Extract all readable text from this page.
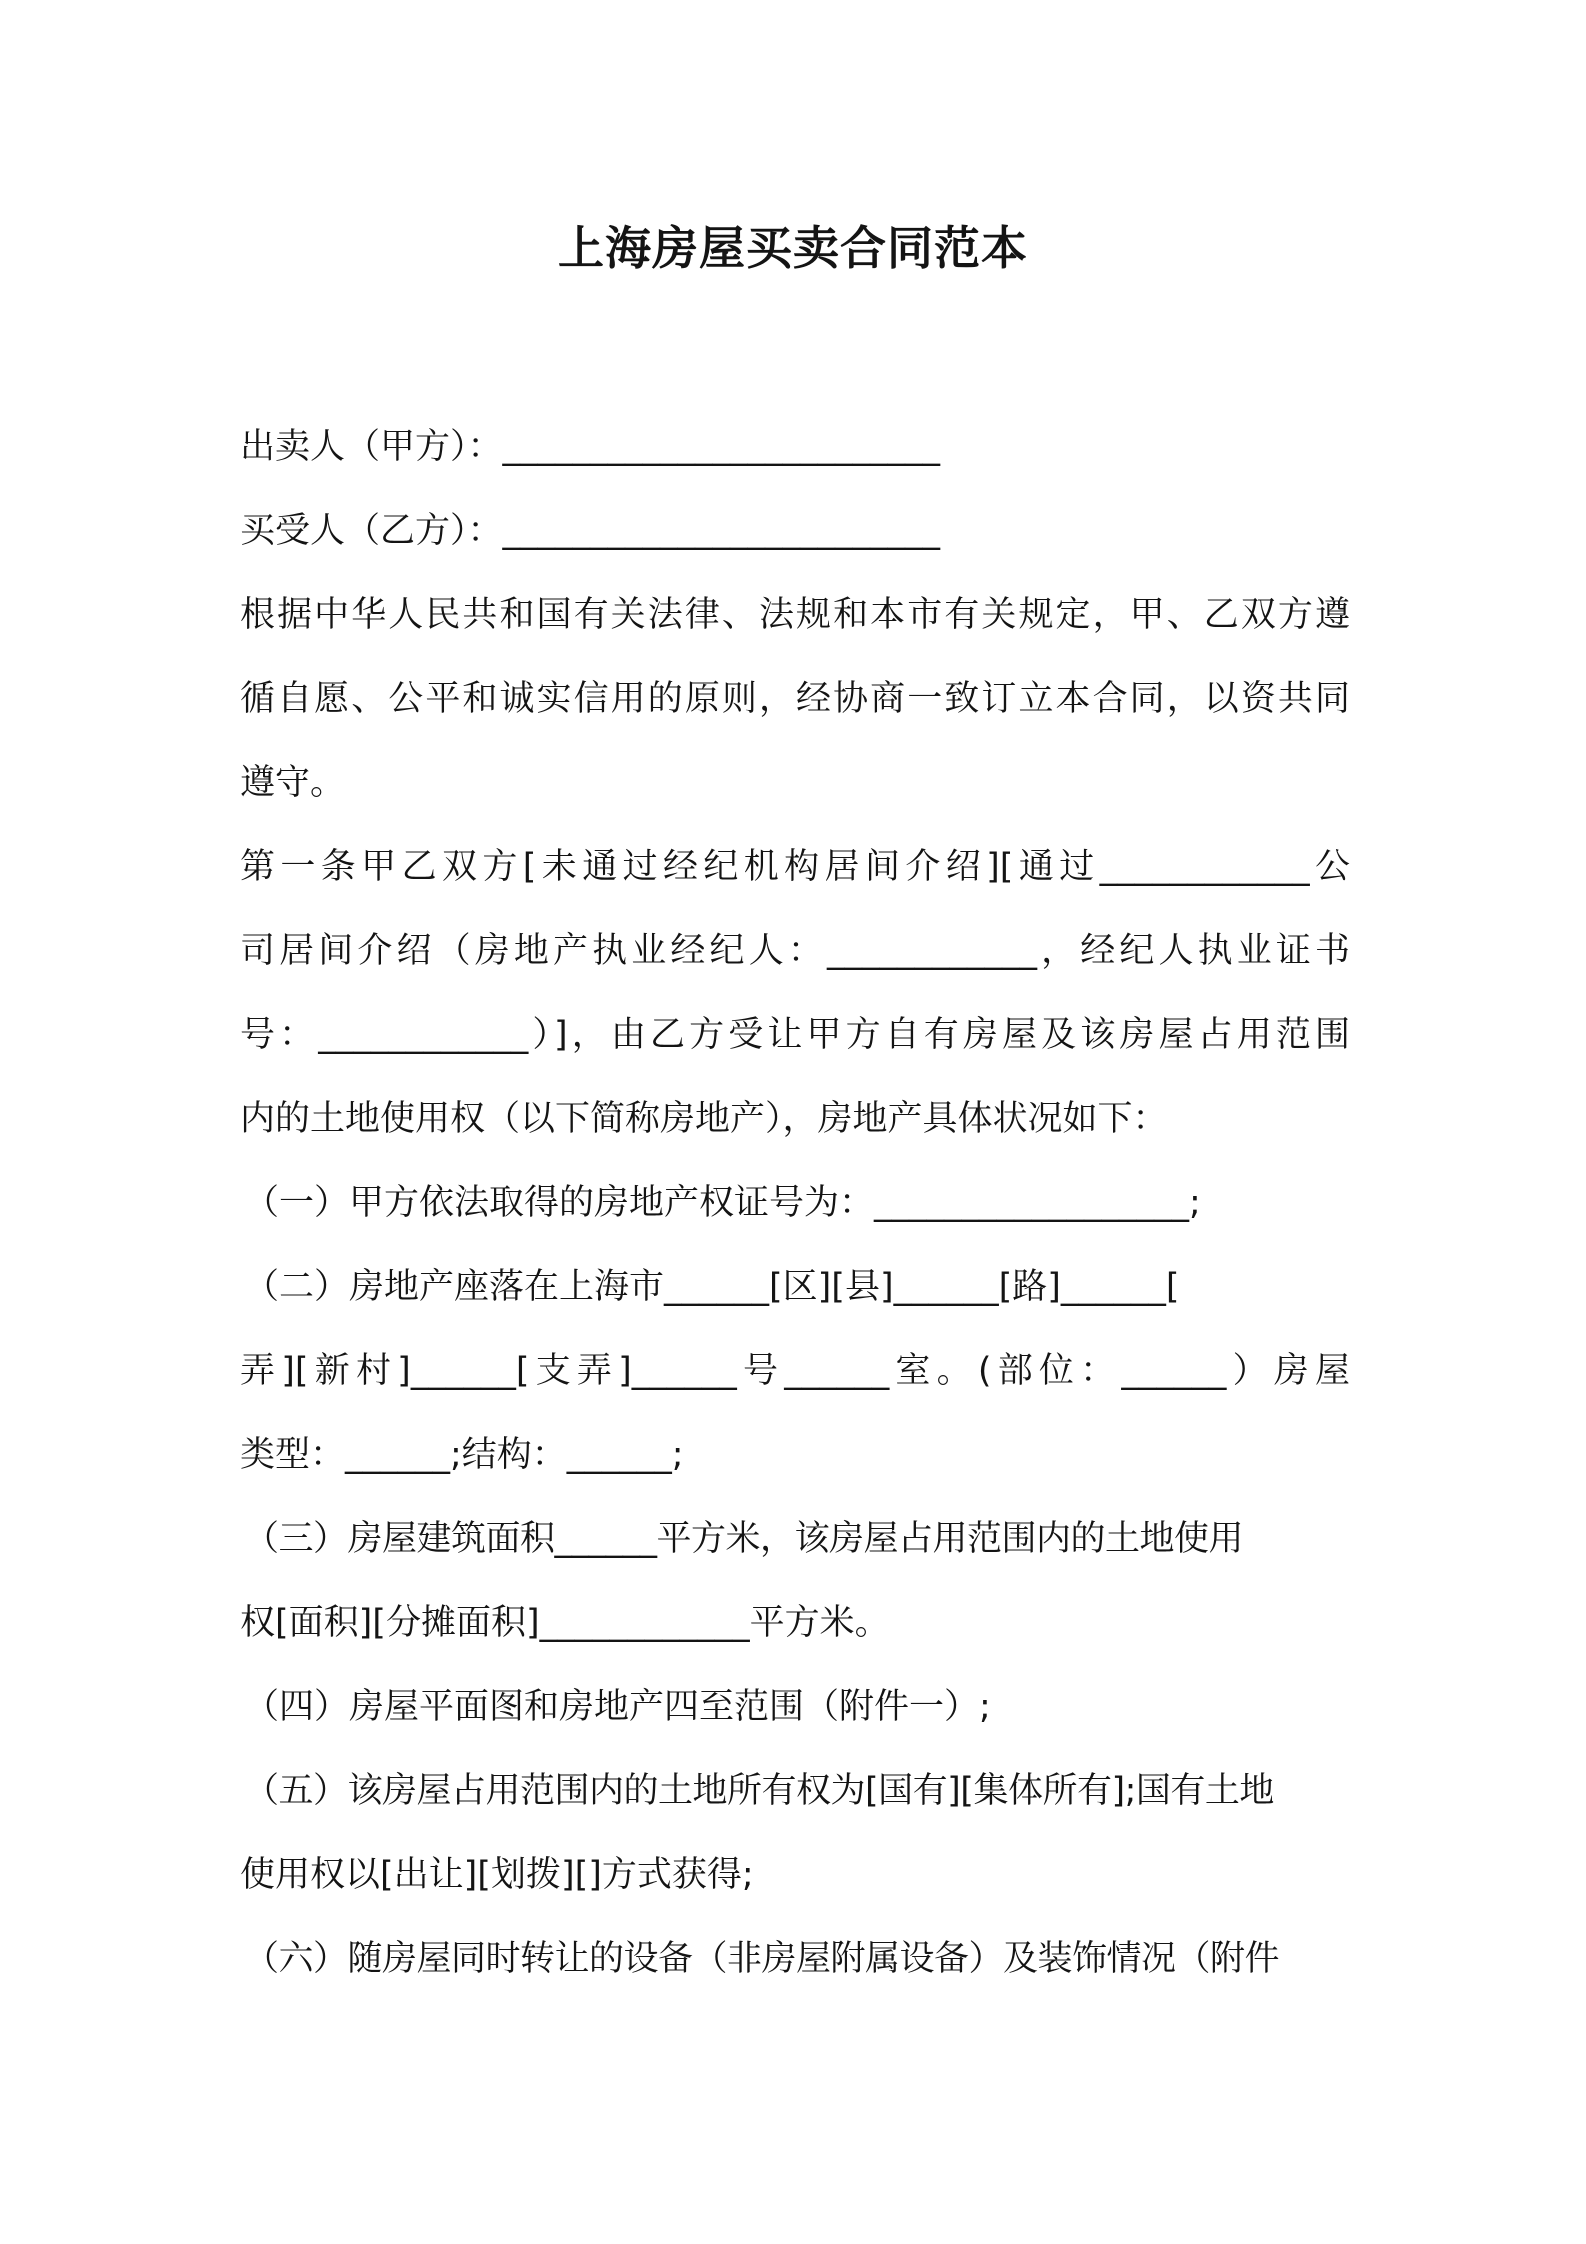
上海房屋买卖合同范本
出卖人（甲方）：_________________________
买受人（乙方）：_________________________
根据中华人民共和国有关法律、法规和本市有关规定，甲、乙双方遵
循自愿、公平和诚实信用的原则，经协商一致订立本合同，以资共同
遵守。
第一条甲乙双方[未通过经纪机构居间介绍][通过____________公
司居间介绍（房地产执业经纪人：____________，经纪人执业证书
号：____________）]，由乙方受让甲方自有房屋及该房屋占用范围
内的土地使用权（以下简称房地产），房地产具体状况如下：
（一）甲方依法取得的房地产权证号为：__________________;
（二）房地产座落在上海市______[区][县]______[路]______[
弄][新村]______[支弄]______号______室。(部位：______）房屋
类型：______;结构：______;
（三）房屋建筑面积______平方米，该房屋占用范围内的土地使用
权[面积][分摊面积]____________平方米。
（四）房屋平面图和房地产四至范围（附件一）;
（五）该房屋占用范围内的土地所有权为[国有][集体所有];国有土地
使用权以[出让][划拨][]方式获得;
（六）随房屋同时转让的设备（非房屋附属设备）及装饰情况（附件
